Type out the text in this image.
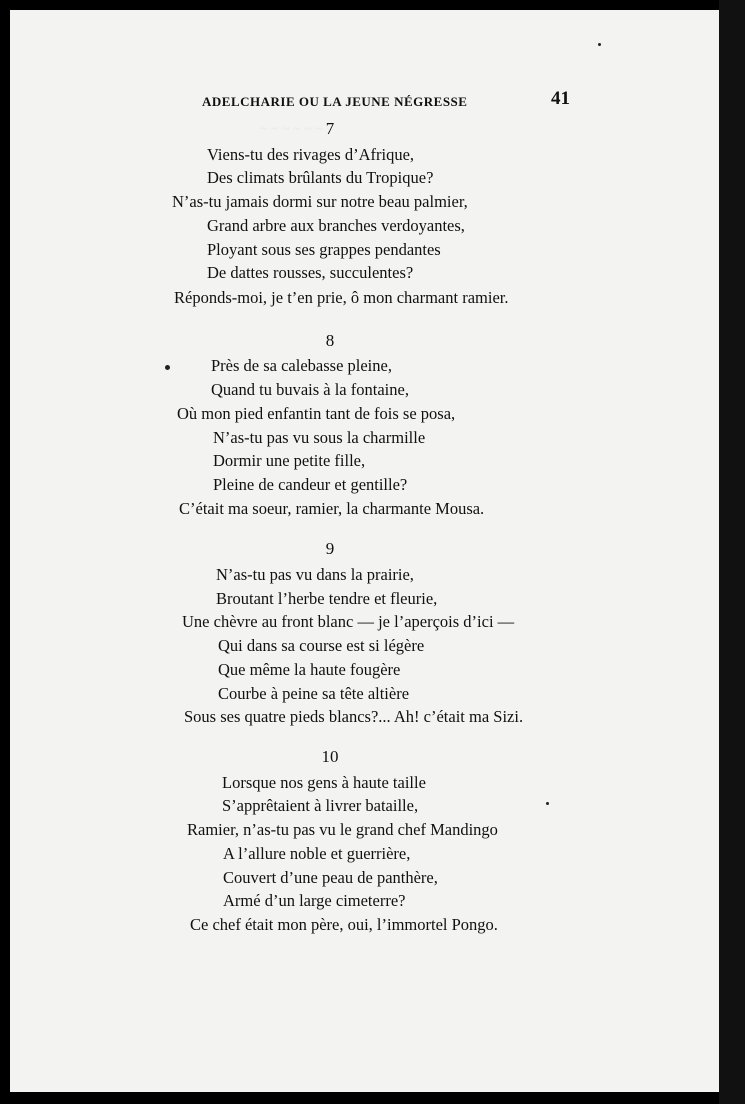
~ ~ ~ ~ ~ ~
ADELCHARIE OU LA JEUNE NÉGRESSE	41
7
Viens-tu des rivages d’Afrique,
Des climats brûlants du Tropique?
N’as-tu jamais dormi sur notre beau palmier,
Grand arbre aux branches verdoyantes,
Ployant sous ses grappes pendantes
De dattes rousses, succulentes?
Réponds-moi, je t’en prie, ô mon charmant ramier.
8
Près de sa calebasse pleine,
Quand tu buvais à la fontaine,
Où mon pied enfantin tant de fois se posa,
N’as-tu pas vu sous la charmille
Dormir une petite fille,
Pleine de candeur et gentille?
C’était ma soeur, ramier, la charmante Mousa.
9
N’as-tu pas vu dans la prairie,
Broutant l’herbe tendre et fleurie,
Une chèvre au front blanc — je l’aperçois d’ici —
Qui dans sa course est si légère
Que même la haute fougère
Courbe à peine sa tête altière
Sous ses quatre pieds blancs?... Ah! c’était ma Sizi.
10
Lorsque nos gens à haute taille
S’apprêtaient à livrer bataille,
Ramier, n’as-tu pas vu le grand chef Mandingo
A l’allure noble et guerrière,
Couvert d’une peau de panthère,
Armé d’un large cimeterre?
Ce chef était mon père, oui, l’immortel Pongo.
